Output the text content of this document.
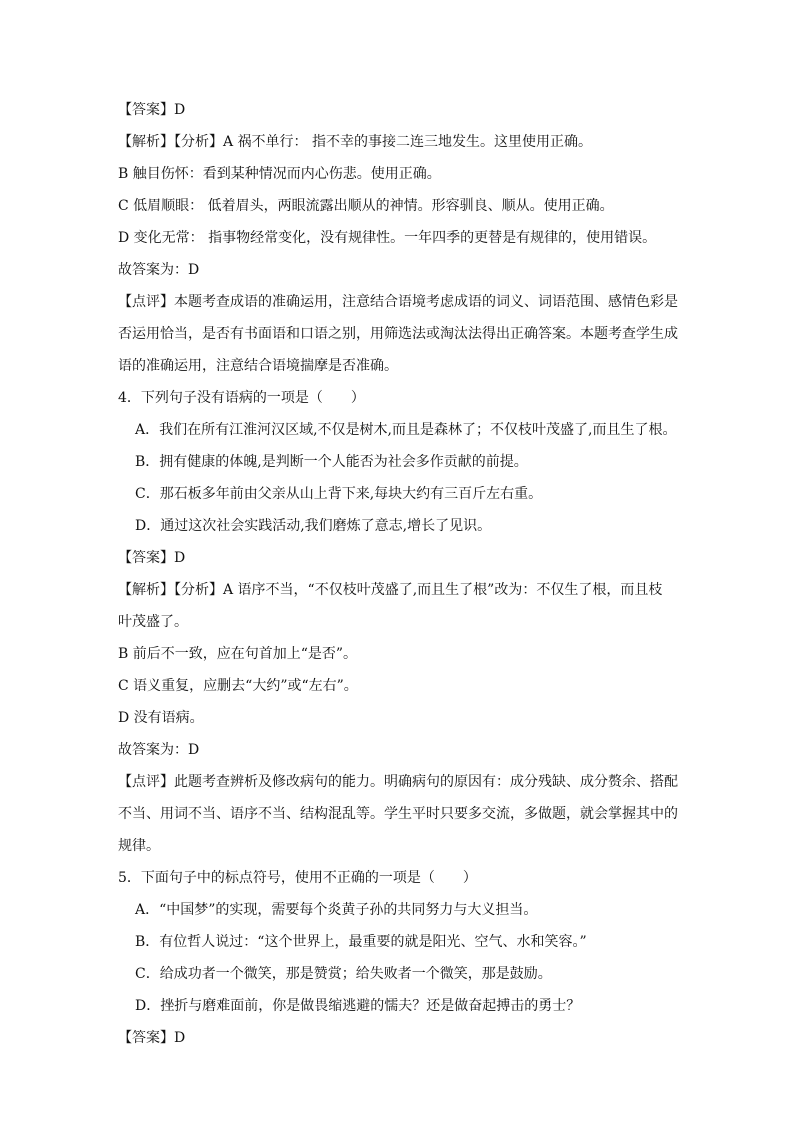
【答案】D
【解析】【分析】A 祸不单行： 指不幸的事接二连三地发生。这里使用正确。
B 触目伤怀：看到某种情况而内心伤悲。使用正确。
C 低眉顺眼： 低着眉头，两眼流露出顺从的神情。形容驯良、顺从。使用正确。
D 变化无常： 指事物经常变化，没有规律性。一年四季的更替是有规律的，使用错误。
故答案为：D
【点评】本题考查成语的准确运用，注意结合语境考虑成语的词义、词语范围、感情色彩是
否运用恰当，是否有书面语和口语之别，用筛选法或淘汰法得出正确答案。本题考查学生成
语的准确运用，注意结合语境揣摩是否准确。
4．下列句子没有语病的一项是（　　）
A．我们在所有江淮河汉区域,不仅是树木,而且是森林了；不仅枝叶茂盛了,而且生了根。
B．拥有健康的体魄,是判断一个人能否为社会多作贡献的前提。
C．那石板多年前由父亲从山上背下来,每块大约有三百斤左右重。
D．通过这次社会实践活动,我们磨炼了意志,增长了见识。
【答案】D
【解析】【分析】A 语序不当，“不仅枝叶茂盛了,而且生了根”改为：不仅生了根，而且枝
叶茂盛了。
B 前后不一致，应在句首加上“是否”。
C 语义重复，应删去“大约”或“左右”。
D 没有语病。
故答案为：D
【点评】此题考查辨析及修改病句的能力。明确病句的原因有：成分残缺、成分赘余、搭配
不当、用词不当、语序不当、结构混乱等。学生平时只要多交流，多做题，就会掌握其中的
规律。
5．下面句子中的标点符号，使用不正确的一项是（　　）
A．“中国梦”的实现，需要每个炎黄子孙的共同努力与大义担当。
B．有位哲人说过：“这个世界上，最重要的就是阳光、空气、水和笑容。”
C．给成功者一个微笑，那是赞赏；给失败者一个微笑，那是鼓励。
D．挫折与磨难面前，你是做畏缩逃避的懦夫？还是做奋起搏击的勇士？
【答案】D
